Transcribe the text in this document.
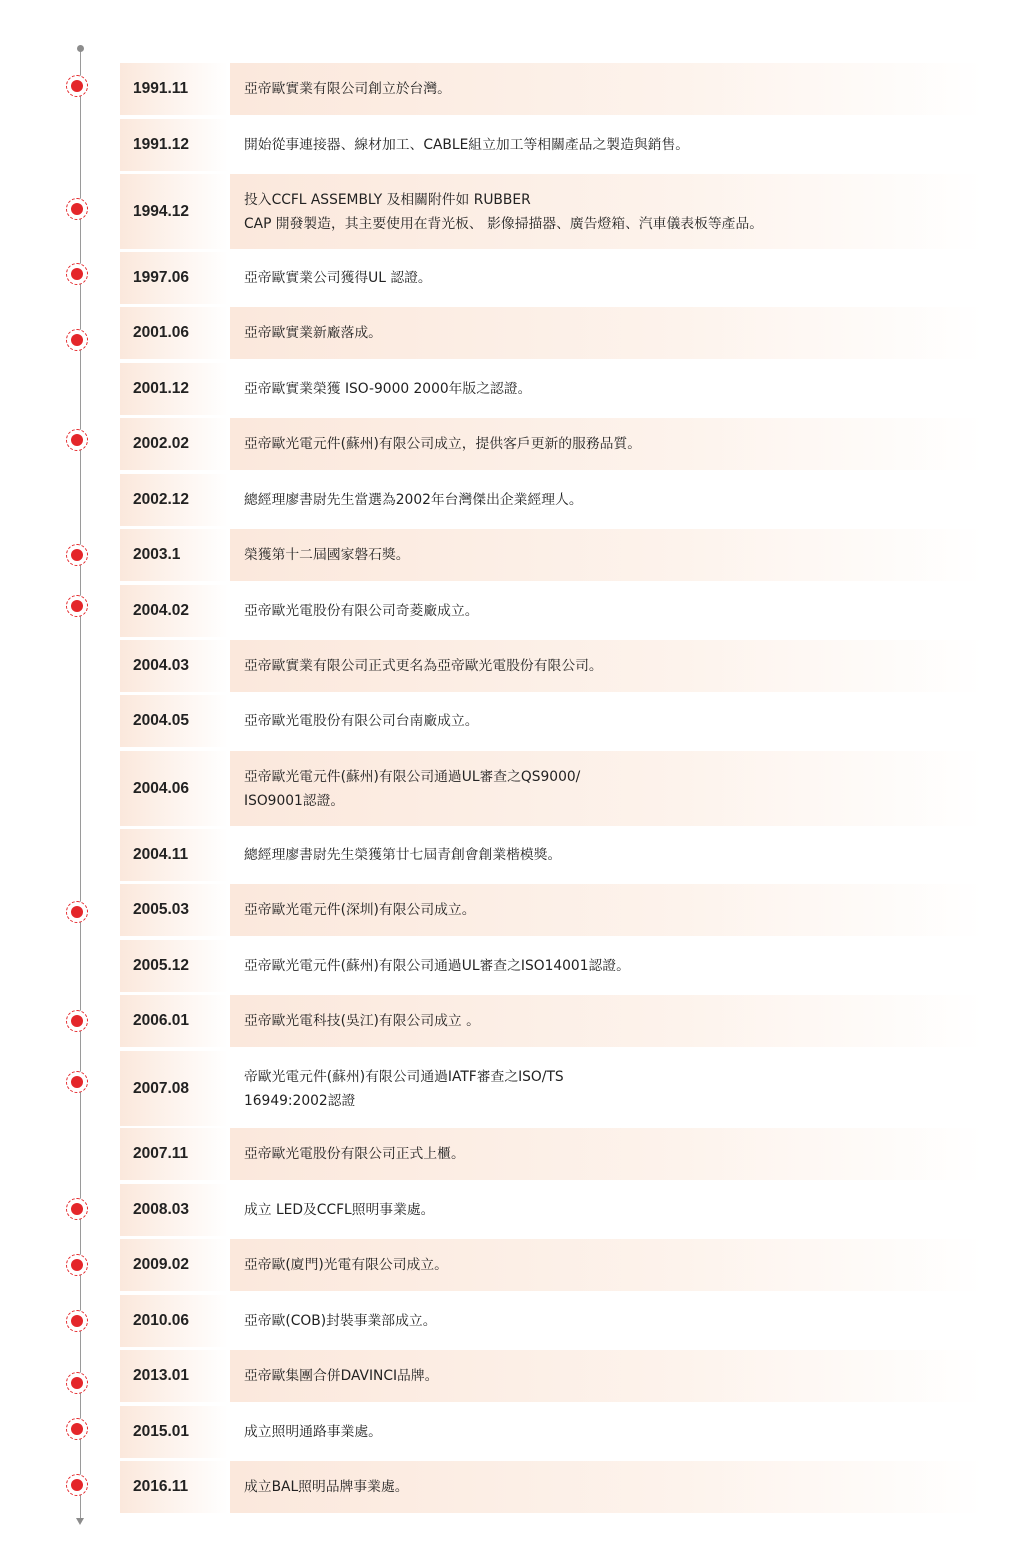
1991.11	亞帝歐實業有限公司創立於台灣。
1991.12	開始從事連接器、線材加工、CABLE組立加工等相關產品之製造與銷售。
1994.12
投入CCFL ASSEMBLY 及相關附件如 RUBBER
CAP 開發製造，其主要使用在背光板、 影像掃描器、廣告燈箱、汽車儀表板等產品。
1997.06	亞帝歐實業公司獲得UL 認證。
2001.06	亞帝歐實業新廠落成。
2001.12	亞帝歐實業榮獲 ISO-9000 2000年版之認證。
2002.02	亞帝歐光電元件(蘇州)有限公司成立，提供客戶更新的服務品質。
2002.12	總經理廖書尉先生當選為2002年台灣傑出企業經理人。
2003.1	榮獲第十二屆國家磐石獎。
2004.02	亞帝歐光電股份有限公司奇菱廠成立。
2004.03	亞帝歐實業有限公司正式更名為亞帝歐光電股份有限公司。
2004.05	亞帝歐光電股份有限公司台南廠成立。
2004.06
亞帝歐光電元件(蘇州)有限公司通過UL審查之QS9000/
ISO9001認證。
2004.11	總經理廖書尉先生榮獲第廿七屆青創會創業楷模獎。
2005.03	亞帝歐光電元件(深圳)有限公司成立。
2005.12	亞帝歐光電元件(蘇州)有限公司通過UL審查之ISO14001認證。
2006.01	亞帝歐光電科技(吳江)有限公司成立 。
2007.08
帝歐光電元件(蘇州)有限公司通過IATF審查之ISO/TS
16949:2002認證
2007.11	亞帝歐光電股份有限公司正式上櫃。
2008.03	成立 LED及CCFL照明事業處。
2009.02	亞帝歐(廈門)光電有限公司成立。
2010.06	亞帝歐(COB)封裝事業部成立。
2013.01	亞帝歐集團合併DAVINCI品牌。
2015.01	成立照明通路事業處。
2016.11	成立BAL照明品牌事業處。
